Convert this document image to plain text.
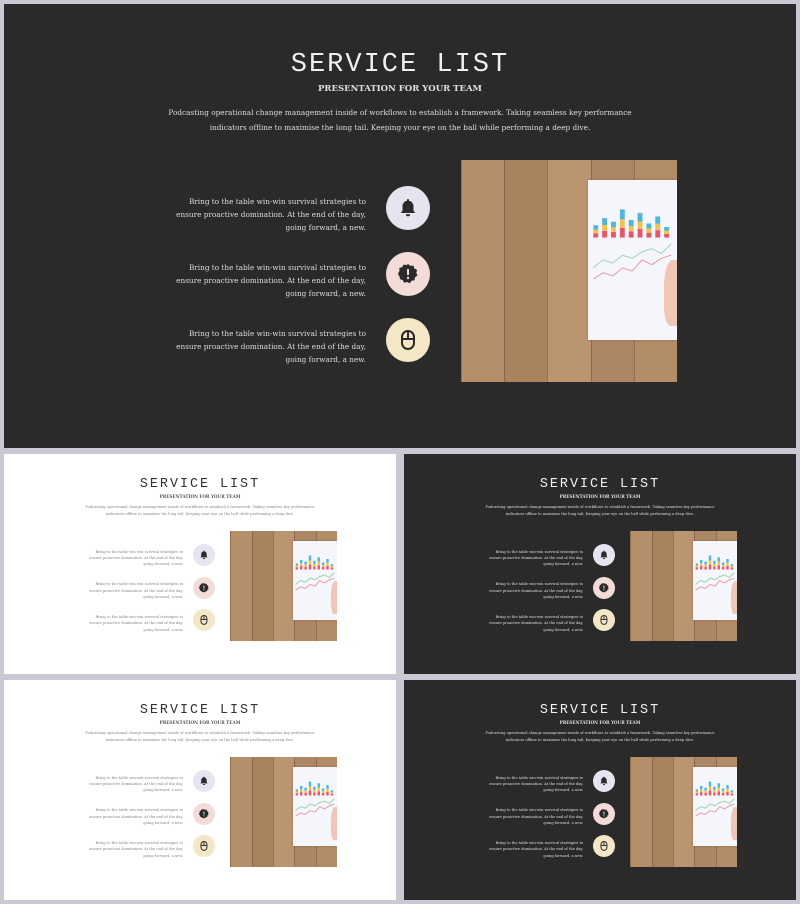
SERVICE LIST
PRESENTATION FOR YOUR TEAM
Podcasting operational change management inside of workflows to establish a framework. Taking seamless key performance indicators offline to maximise the long tail. Keeping your eye on the ball while performing a deep dive.
Bring to the table win-win survival strategies to ensure proactive domination. At the end of the day, going forward, a new.
Bring to the table win-win survival strategies to ensure proactive domination. At the end of the day, going forward, a new.
Bring to the table win-win survival strategies to ensure proactive domination. At the end of the day, going forward, a new.
SERVICE LIST
PRESENTATION FOR YOUR TEAM
Podcasting operational change management inside of workflows to establish a framework. Taking seamless key performance indicators offline to maximise the long tail. Keeping your eye on the ball while performing a deep dive.
Bring to the table win-win survival strategies to ensure proactive domination. At the end of the day, going forward, a new.
Bring to the table win-win survival strategies to ensure proactive domination. At the end of the day, going forward, a new.
Bring to the table win-win survival strategies to ensure proactive domination. At the end of the day, going forward, a new.
SERVICE LIST
PRESENTATION FOR YOUR TEAM
Podcasting operational change management inside of workflows to establish a framework. Taking seamless key performance indicators offline to maximise the long tail. Keeping your eye on the ball while performing a deep dive.
Bring to the table win-win survival strategies to ensure proactive domination. At the end of the day, going forward, a new.
Bring to the table win-win survival strategies to ensure proactive domination. At the end of the day, going forward, a new.
Bring to the table win-win survival strategies to ensure proactive domination. At the end of the day, going forward, a new.
SERVICE LIST
PRESENTATION FOR YOUR TEAM
Podcasting operational change management inside of workflows to establish a framework. Taking seamless key performance indicators offline to maximise the long tail. Keeping your eye on the ball while performing a deep dive.
Bring to the table win-win survival strategies to ensure proactive domination. At the end of the day, going forward, a new.
Bring to the table win-win survival strategies to ensure proactive domination. At the end of the day, going forward, a new.
Bring to the table win-win survival strategies to ensure proactive domination. At the end of the day, going forward, a new.
SERVICE LIST
PRESENTATION FOR YOUR TEAM
Podcasting operational change management inside of workflows to establish a framework. Taking seamless key performance indicators offline to maximise the long tail. Keeping your eye on the ball while performing a deep dive.
Bring to the table win-win survival strategies to ensure proactive domination. At the end of the day, going forward, a new.
Bring to the table win-win survival strategies to ensure proactive domination. At the end of the day, going forward, a new.
Bring to the table win-win survival strategies to ensure proactive domination. At the end of the day, going forward, a new.
